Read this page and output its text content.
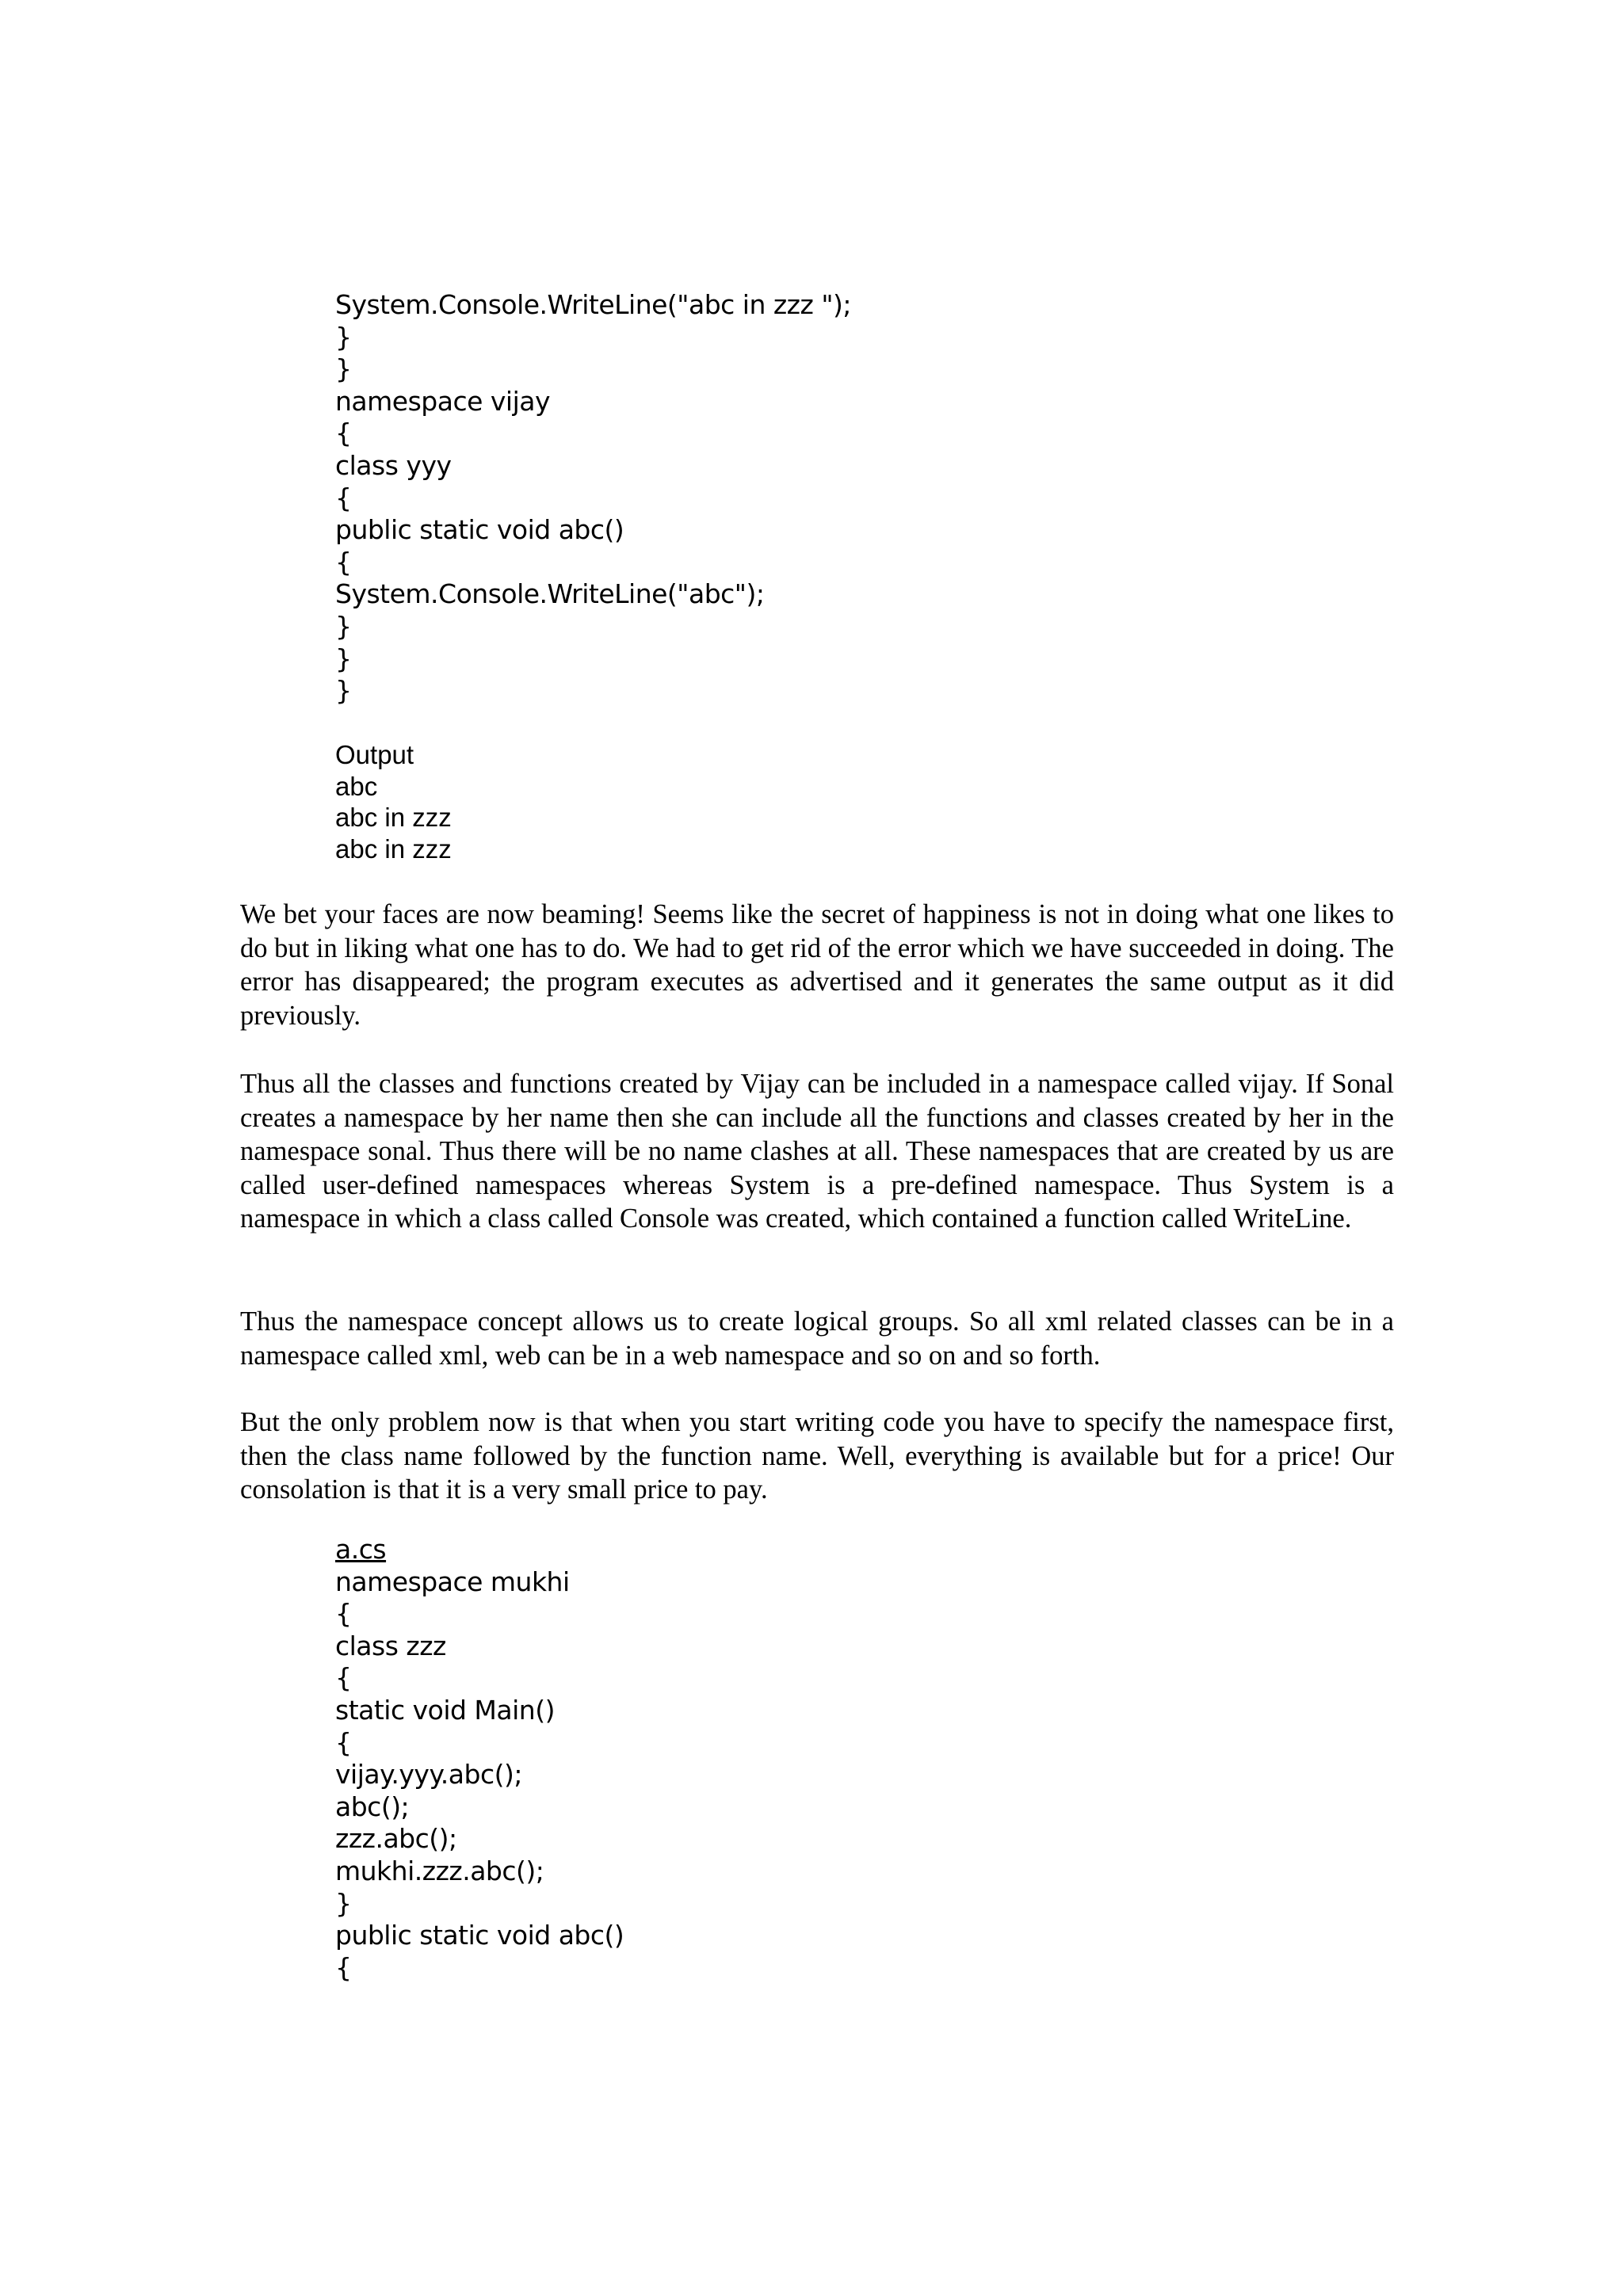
System.Console.WriteLine("abc in zzz ");
}
}
namespace vijay
{
class yyy
{
public static void abc()
{
System.Console.WriteLine("abc");
}
}
}
Output
abc
abc in zzz
abc in zzz

We bet your faces are now beaming! Seems like the secret of happiness is not in doing what one likes to do but in liking what one has to do. We had to get rid of the error which we have succeeded in doing. The error has disappeared; the program executes as advertised and it generates the same output as it did previously.

Thus all the classes and functions created by Vijay can be included in a namespace called vijay. If Sonal creates a namespace by her name then she can include all the functions and classes created by her in the namespace sonal. Thus there will be no name clashes at all. These namespaces that are created by us are called user-defined namespaces whereas System is a pre-defined namespace. Thus System is a namespace in which a class called Console was created, which contained a function called WriteLine.

Thus the namespace concept allows us to create logical groups. So all xml related classes can be in a namespace called xml, web can be in a web namespace and so on and so forth.

But the only problem now is that when you start writing code you have to specify the namespace first, then the class name followed by the function name. Well, everything is available but for a price! Our consolation is that it is a very small price to pay.

a.cs
namespace mukhi
{
class zzz
{
static void Main()
{
vijay.yyy.abc();
abc();
zzz.abc();
mukhi.zzz.abc();
}
public static void abc()
{
